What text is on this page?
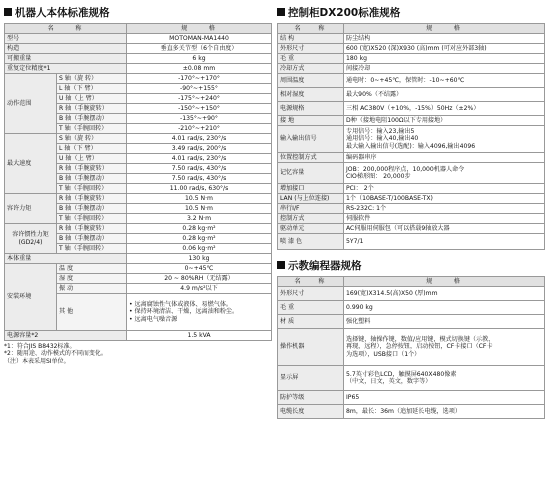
机器人本体标准规格
名 称		规 格
型号		MOTOMAN-MA1440
构造		垂直多关节型（6个自由度）
可搬重量		6 kg
重复定位精度*1		±0.08 mm
动作范围	S 轴（旋 转）	-170°~+170°
	L 轴（下 臂）	-90°~+155°
	U 轴（上 臂）	-175°~+240°
	R 轴（手腕旋转）	-150°~+150°
	B 轴（手腕摆动）	-135°~+90°
	T 轴（手腕回转）	-210°~+210°
最大速度	S 轴（旋 转）	4.01 rad/s, 230°/s
	L 轴（下 臂）	3.49 rad/s, 200°/s
	U 轴（上 臂）	4.01 rad/s, 230°/s
	R 轴（手腕旋转）	7.50 rad/s, 430°/s
	B 轴（手腕摆动）	7.50 rad/s, 430°/s
	T 轴（手腕回转）	11.00 rad/s, 630°/s
容许力矩	R 轴（手腕旋转）	10.5 N·m
	B 轴（手腕摆动）	10.5 N·m
	T 轴（手腕回转）	3.2 N·m
容许惯性力矩
(GD2/4)	R 轴（手腕旋转）	0.28 kg·m²
	B 轴（手腕摆动）	0.28 kg·m²
	T 轴（手腕回转）	0.06 kg·m²
本体重量		130 kg
安装环境	温 度	0~+45℃
	湿 度	20 ~ 80%RH（无结露）
	振 动	4.9 m/s²以下
	其 他	• 远离腐蚀性气体或液体、易燃气体。
• 保持环境清洁、干燥，远离油和粉尘。
• 远离电气噪音源

电源容量*2		1.5 kVA
*1：符合JIS B8432标准。
*2：随用途、动作模式的不同而变化。
（注）本表采用SI单位。
控制柜DX200标准规格
名 称	规 格
结 构	防尘结构
外形尺寸	600 (宽)X520 (深)X930 (高)mm (可对应外部3轴)
毛 重	180 kg
冷却方式	间接冷却
周围温度	通电时：0~+45℃，保管时：-10~+60℃
相对湿度	最大90%（不结露）
电源规格	三相 AC380V（+10%，-15%）50Hz（±2%）
接 地	D种（接地电阻100Ω以下专用接地）
输入输出信号	专用信号：输入23,输出5
通用信号：输入40,输出40
最大输入输出信号(选配)：输入4096,输出4096

位置控制方式	编码器串序
记忆容量	JOB：200,000程序点，10,000机器人命令
CIO梯形图： 20,000步

增加接口	PCI： 2个
LAN (与上位连接)	1个（10BASE-T/100BASE-TX)
串行I/F	RS-232C: 1个
控制方式	伺服软件
驱动单元	AC伺服用伺服包（可以搭载9轴放大器
喷 漆 色	5Y7/1
示教编程器规格
名 称	规 格
外形尺寸	169(宽)X314.5(高)X50 (厚)mm
毛 重	0.990 kg
材 质	强化塑料
操作机器	选择键，轴操作键，数值/应用键，模式切换键（示教、
再现，远程），急停按钮，启动按钮，CF卡接口（CF卡
为选项），USB接口（1个）

显示屏	5.7英寸彩色LCD，触摸屏640X480像素
（中文，日文，英文，数字等）

防护等级	IP65
电缆长度	8m，最长：36m（追加延长电缆，选项）
